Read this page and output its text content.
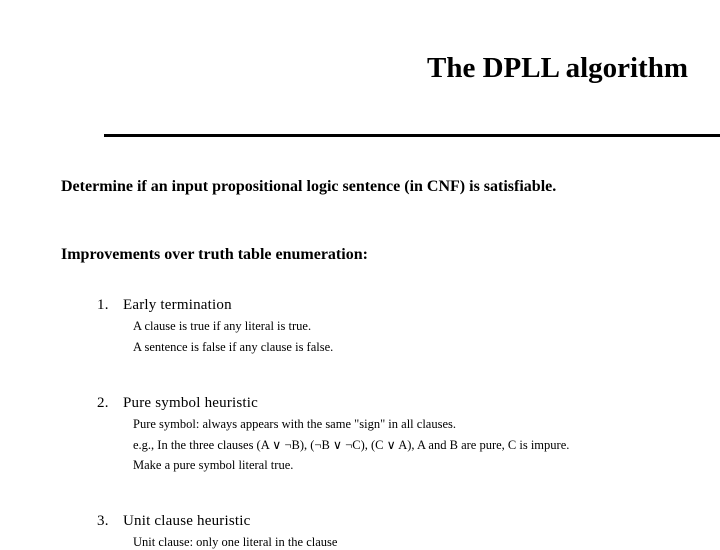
The DPLL algorithm
Determine if an input propositional logic sentence (in CNF) is satisfiable.
Improvements over truth table enumeration:
1. Early termination
A clause is true if any literal is true.
A sentence is false if any clause is false.
2. Pure symbol heuristic
Pure symbol: always appears with the same "sign" in all clauses.
e.g., In the three clauses (A ∨ ¬B), (¬B ∨ ¬C), (C ∨ A), A and B are pure, C is impure.
Make a pure symbol literal true.
3. Unit clause heuristic
Unit clause: only one literal in the clause
